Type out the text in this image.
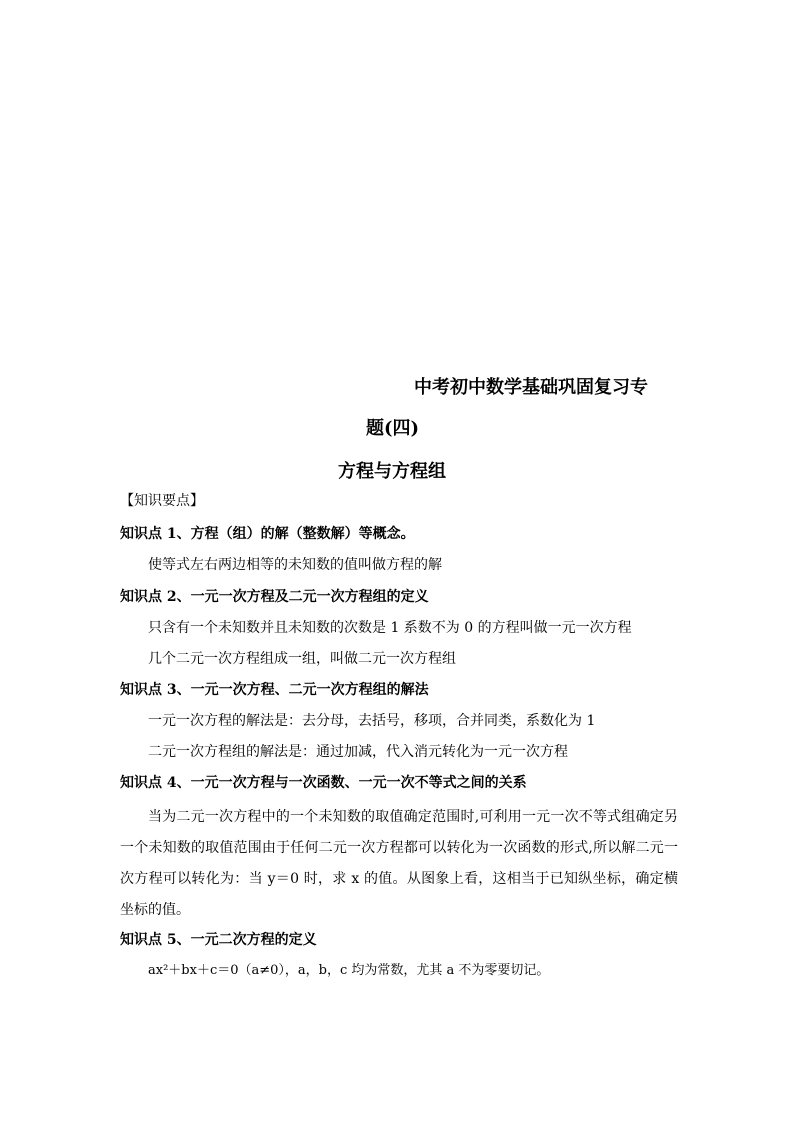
中考初中数学基础巩固复习专
题(四)
方程与方程组
【知识要点】
知识点 1、方程（组）的解（整数解）等概念。
使等式左右两边相等的未知数的值叫做方程的解
知识点 2、一元一次方程及二元一次方程组的定义
只含有一个未知数并且未知数的次数是 1 系数不为 0 的方程叫做一元一次方程
几个二元一次方程组成一组，叫做二元一次方程组
知识点 3、一元一次方程、二元一次方程组的解法
一元一次方程的解法是：去分母，去括号，移项，合并同类，系数化为 1
二元一次方程组的解法是：通过加减，代入消元转化为一元一次方程
知识点 4、一元一次方程与一次函数、一元一次不等式之间的关系
当为二元一次方程中的一个未知数的取值确定范围时,可利用一元一次不等式组确定另一个未知数的取值范围由于任何二元一次方程都可以转化为一次函数的形式,所以解二元一次方程可以转化为：当 y＝0 时，求 x 的值。从图象上看，这相当于已知纵坐标，确定横坐标的值。
知识点 5、一元二次方程的定义
ax²＋bx＋c＝0（a≠0），a，b，c 均为常数，尤其 a 不为零要切记。
